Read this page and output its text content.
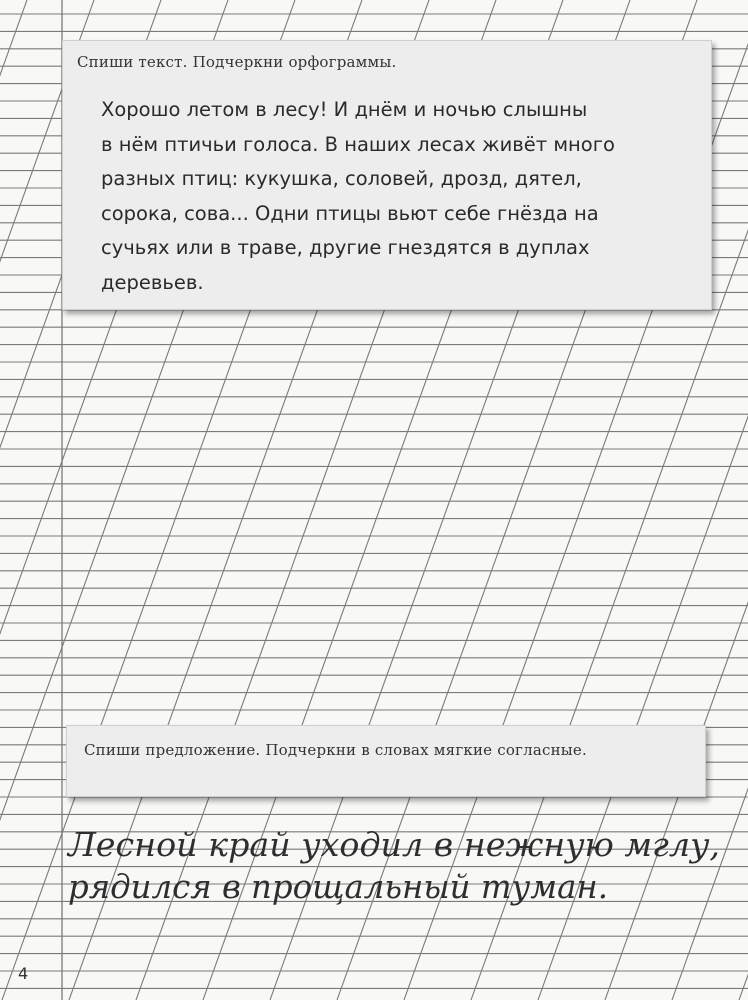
Спиши текст. Подчеркни орфограммы.
Хорошо летом в лесу! И днём и ночью слышны
в нём птичьи голоса. В наших лесах живёт много
разных птиц: кукушка, соловей, дрозд, дятел,
сорока, сова... Одни птицы вьют себе гнёзда на
сучьях или в траве, другие гнездятся в дуплах
деревьев.
Спиши предложение. Подчеркни в словах мягкие согласные.
Лесной край уходил в нежную мглу,
рядился в прощальный туман.
4
